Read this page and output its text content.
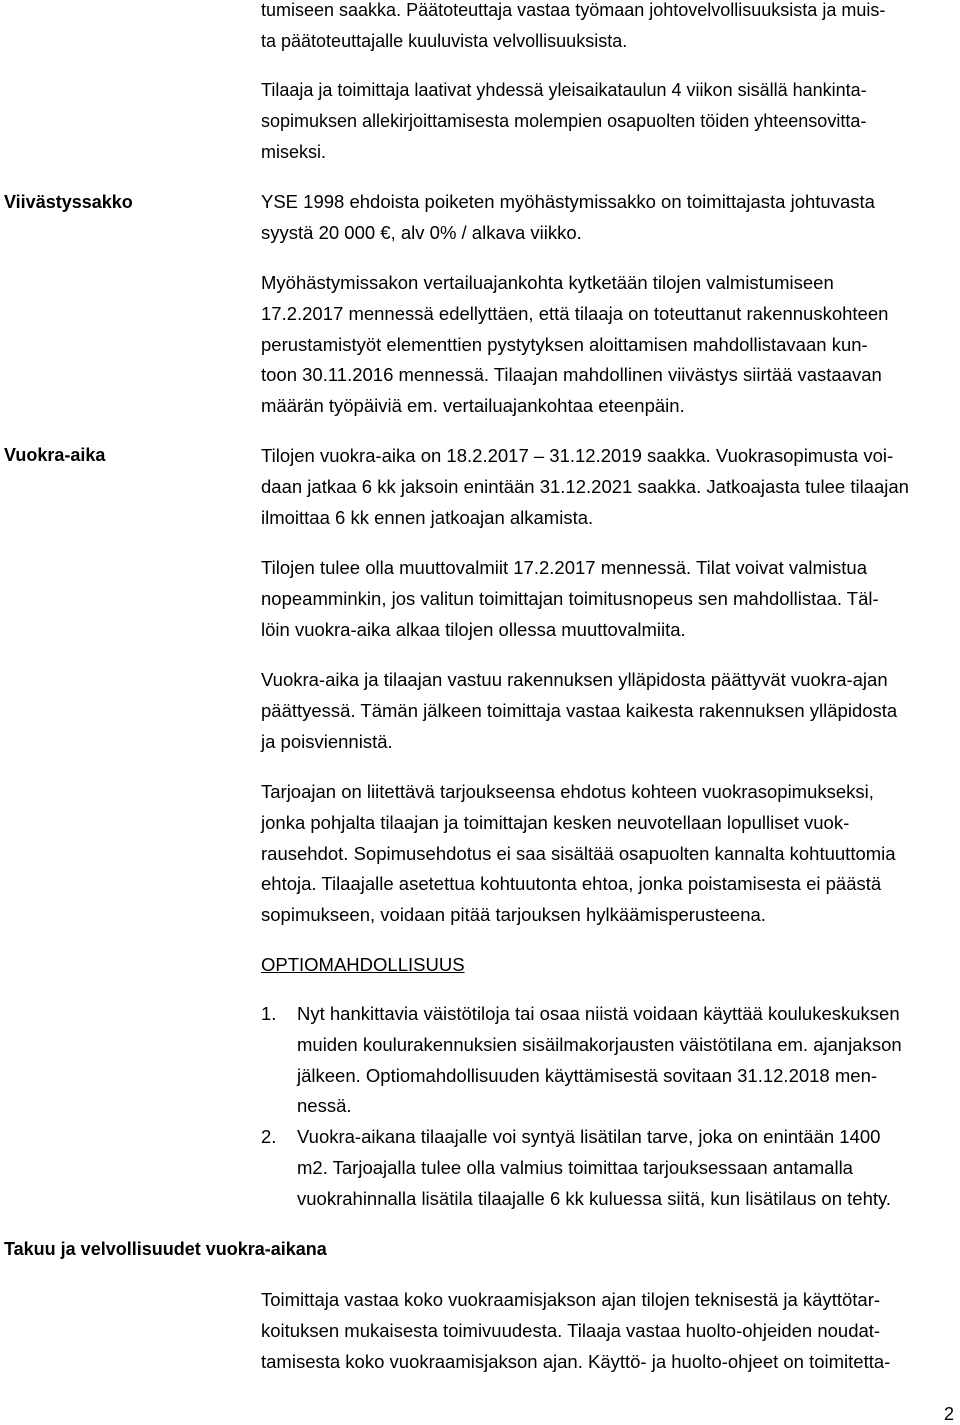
tumiseen saakka. Päätoteuttaja vastaa työmaan johtovelvollisuuksista ja muis-
ta päätoteuttajalle kuuluvista velvollisuuksista.
Tilaaja ja toimittaja laativat yhdessä yleisaikataulun 4 viikon sisällä hankinta-
sopimuksen allekirjoittamisesta molempien osapuolten töiden yhteensovitta-
miseksi.
Viivästyssakko	YSE 1998 ehdoista poiketen myöhästymissakko on toimittajasta johtuvasta
syystä 20 000 €, alv 0% / alkava viikko.
Myöhästymissakon vertailuajankohta kytketään tilojen valmistumiseen
17.2.2017 mennessä edellyttäen, että tilaaja on toteuttanut rakennuskohteen
perustamistyöt elementtien pystytyksen aloittamisen mahdollistavaan kun-
toon 30.11.2016 mennessä. Tilaajan mahdollinen viivästys siirtää vastaavan
määrän työpäiviä em. vertailuajankohtaa eteenpäin.
Vuokra-aika	Tilojen vuokra-aika on 18.2.2017 – 31.12.2019 saakka. Vuokrasopimusta voi-
daan jatkaa 6 kk jaksoin enintään 31.12.2021 saakka. Jatkoajasta tulee tilaajan
ilmoittaa 6 kk ennen jatkoajan alkamista.
Tilojen tulee olla muuttovalmiit 17.2.2017 mennessä. Tilat voivat valmistua
nopeamminkin, jos valitun toimittajan toimitusnopeus sen mahdollistaa. Täl-
löin vuokra-aika alkaa tilojen ollessa muuttovalmiita.
Vuokra-aika ja tilaajan vastuu rakennuksen ylläpidosta päättyvät vuokra-ajan
päättyessä. Tämän jälkeen toimittaja vastaa kaikesta rakennuksen ylläpidosta
ja poisviennistä.
Tarjoajan on liitettävä tarjoukseensa ehdotus kohteen vuokrasopimukseksi,
jonka pohjalta tilaajan ja toimittajan kesken neuvotellaan lopulliset vuok-
rausehdot. Sopimusehdotus ei saa sisältää osapuolten kannalta kohtuuttomia
ehtoja. Tilaajalle asetettua kohtuutonta ehtoa, jonka poistamisesta ei päästä
sopimukseen, voidaan pitää tarjouksen hylkäämisperusteena.
OPTIOMAHDOLLISUUS
1. Nyt hankittavia väistötiloja tai osaa niistä voidaan käyttää koulukeskuksen
muiden koulurakennuksien sisäilmakorjausten väistötilana em. ajanjakson
jälkeen. Optiomahdollisuuden käyttämisestä sovitaan 31.12.2018 men-
nessä.
2. Vuokra-aikana tilaajalle voi syntyä lisätilan tarve, joka on enintään 1400
m2. Tarjoajalla tulee olla valmius toimittaa tarjouksessaan antamalla
vuokrahinnalla lisätila tilaajalle 6 kk kuluessa siitä, kun lisätilaus on tehty.
Takuu ja velvollisuudet vuokra-aikana
Toimittaja vastaa koko vuokraamisjakson ajan tilojen teknisestä ja käyttötar-
koituksen mukaisesta toimivuudesta. Tilaaja vastaa huolto-ohjeiden noudat-
tamisesta koko vuokraamisjakson ajan. Käyttö- ja huolto-ohjeet on toimitetta-
2
